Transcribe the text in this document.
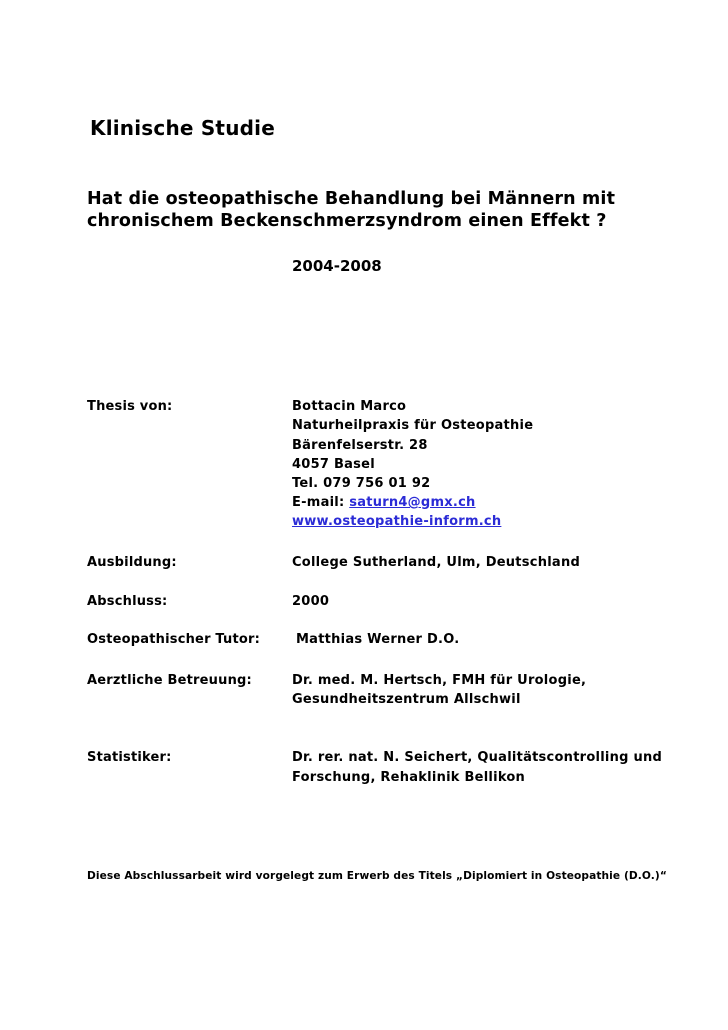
Klinische Studie
Hat die osteopathische Behandlung bei Männern mit
chronischem Beckenschmerzsyndrom einen Effekt ?
2004-2008
Thesis von:	Bottacin Marco
Naturheilpraxis für Osteopathie
Bärenfelserstr. 28
4057 Basel
Tel. 079 756 01 92
E-mail: saturn4@gmx.ch
www.osteopathie-inform.ch
Ausbildung:	College Sutherland, Ulm, Deutschland
Abschluss:	2000
Osteopathischer Tutor:	Matthias Werner D.O.
Aerztliche Betreuung:	Dr. med. M. Hertsch, FMH für Urologie,
Gesundheitszentrum Allschwil
Statistiker:	Dr. rer. nat. N. Seichert, Qualitätscontrolling und
Forschung, Rehaklinik Bellikon
Diese Abschlussarbeit wird vorgelegt zum Erwerb des Titels „Diplomiert in Osteopathie (D.O.)“
